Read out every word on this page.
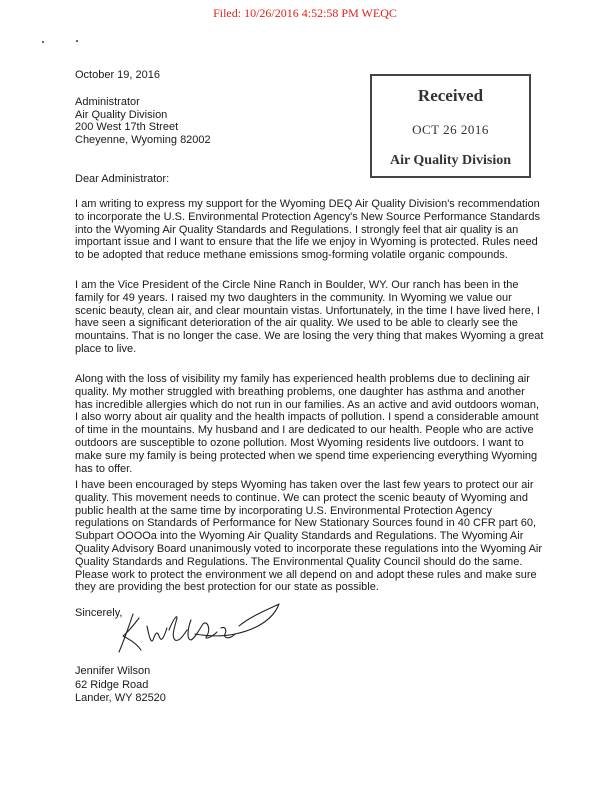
Filed: 10/26/2016 4:52:58 PM WEQC
October 19, 2016
Administrator
Air Quality Division
200 West 17th Street
Cheyenne, Wyoming 82002
Received
OCT 26 2016
Air Quality Division
Dear Administrator:

I am writing to express my support for the Wyoming DEQ Air Quality Division's recommendation to incorporate the U.S. Environmental Protection Agency's New Source Performance Standards into the Wyoming Air Quality Standards and Regulations. I strongly feel that air quality is an important issue and I want to ensure that the life we enjoy in Wyoming is protected. Rules need to be adopted that reduce methane emissions smog-forming volatile organic compounds.

I am the Vice President of the Circle Nine Ranch in Boulder, WY. Our ranch has been in the family for 49 years. I raised my two daughters in the community. In Wyoming we value our scenic beauty, clean air, and clear mountain vistas. Unfortunately, in the time I have lived here, I have seen a significant deterioration of the air quality. We used to be able to clearly see the mountains. That is no longer the case. We are losing the very thing that makes Wyoming a great place to live.

Along with the loss of visibility my family has experienced health problems due to declining air quality. My mother struggled with breathing problems, one daughter has asthma and another has incredible allergies which do not run in our families. As an active and avid outdoors woman, I also worry about air quality and the health impacts of pollution. I spend a considerable amount of time in the mountains. My husband and I are dedicated to our health. People who are active outdoors are susceptible to ozone pollution. Most Wyoming residents live outdoors. I want to make sure my family is being protected when we spend time experiencing everything Wyoming has to offer.

I have been encouraged by steps Wyoming has taken over the last few years to protect our air quality. This movement needs to continue. We can protect the scenic beauty of Wyoming and public health at the same time by incorporating U.S. Environmental Protection Agency regulations on Standards of Performance for New Stationary Sources found in 40 CFR part 60, Subpart OOOOa into the Wyoming Air Quality Standards and Regulations. The Wyoming Air Quality Advisory Board unanimously voted to incorporate these regulations into the Wyoming Air Quality Standards and Regulations. The Environmental Quality Council should do the same. Please work to protect the environment we all depend on and adopt these rules and make sure they are providing the best protection for our state as possible.

Sincerely,
Jennifer Wilson
62 Ridge Road
Lander, WY 82520
